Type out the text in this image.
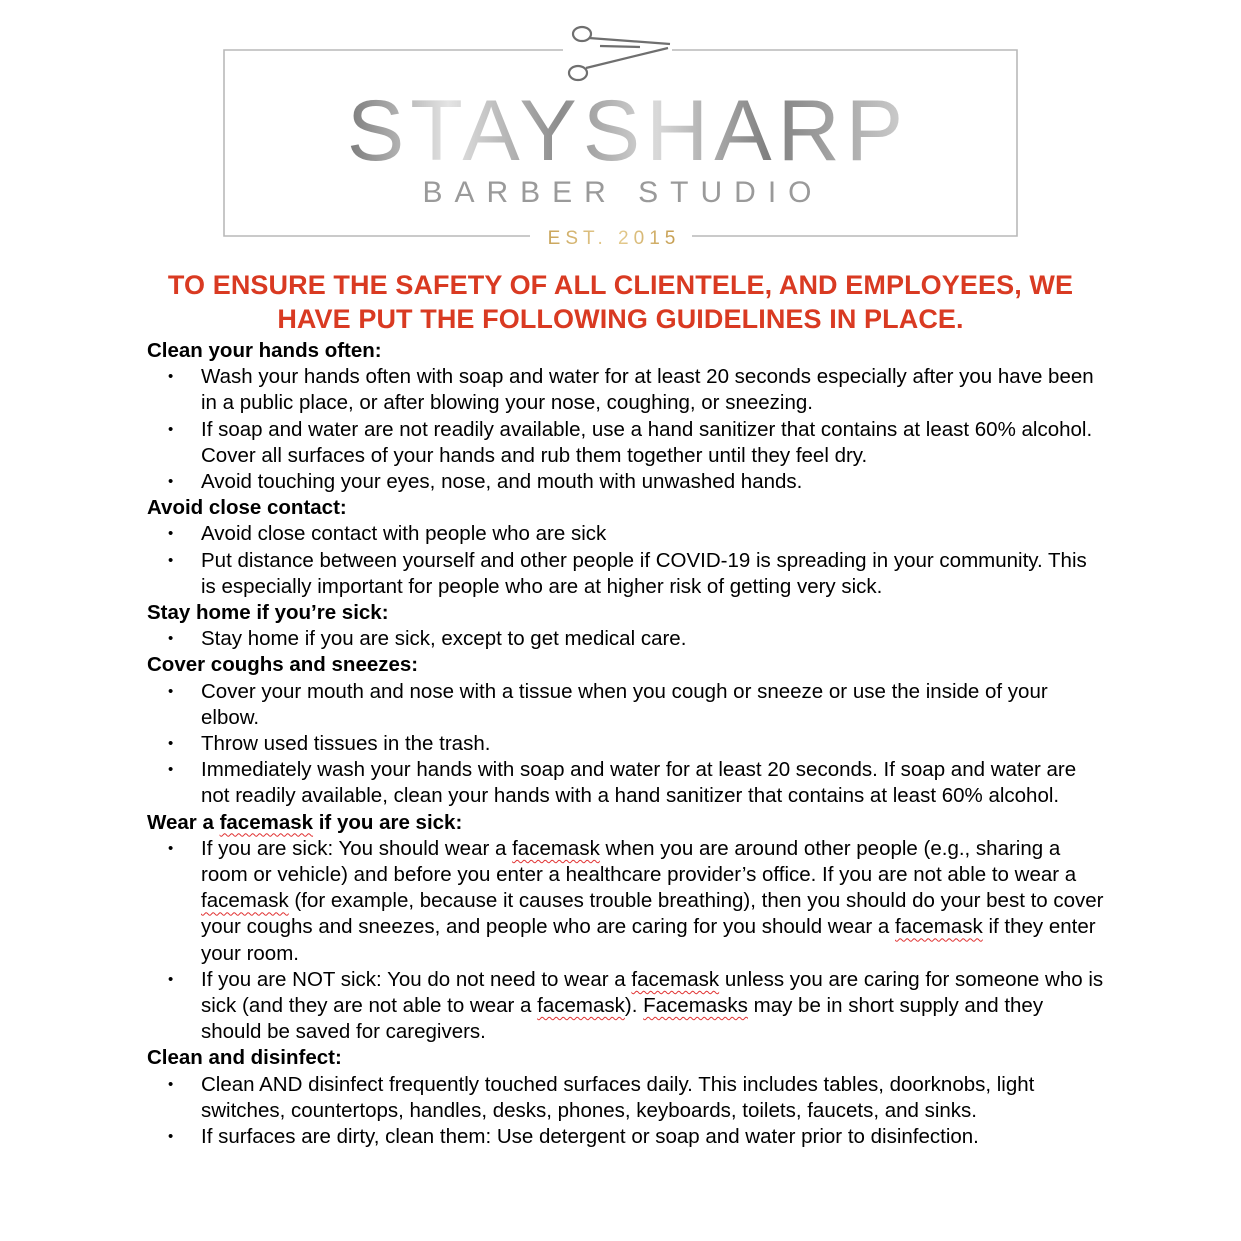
STAYSHARP
BARBER STUDIO
EST. 2015
TO ENSURE THE SAFETY OF ALL CLIENTELE, AND EMPLOYEES, WE
HAVE PUT THE FOLLOWING GUIDELINES IN PLACE.
Clean your hands often:
• Wash your hands often with soap and water for at least 20 seconds especially after you have been in a public place, or after blowing your nose, coughing, or sneezing.
• If soap and water are not readily available, use a hand sanitizer that contains at least 60% alcohol. Cover all surfaces of your hands and rub them together until they feel dry.
• Avoid touching your eyes, nose, and mouth with unwashed hands.
Avoid close contact:
• Avoid close contact with people who are sick
• Put distance between yourself and other people if COVID-19 is spreading in your community. This is especially important for people who are at higher risk of getting very sick.
Stay home if you’re sick:
• Stay home if you are sick, except to get medical care.
Cover coughs and sneezes:
• Cover your mouth and nose with a tissue when you cough or sneeze or use the inside of your elbow.
• Throw used tissues in the trash.
• Immediately wash your hands with soap and water for at least 20 seconds. If soap and water are not readily available, clean your hands with a hand sanitizer that contains at least 60% alcohol.
Wear a facemask if you are sick:
• If you are sick: You should wear a facemask when you are around other people (e.g., sharing a room or vehicle) and before you enter a healthcare provider’s office. If you are not able to wear a facemask (for example, because it causes trouble breathing), then you should do your best to cover your coughs and sneezes, and people who are caring for you should wear a facemask if they enter your room.
• If you are NOT sick: You do not need to wear a facemask unless you are caring for someone who is sick (and they are not able to wear a facemask). Facemasks may be in short supply and they should be saved for caregivers.
Clean and disinfect:
• Clean AND disinfect frequently touched surfaces daily. This includes tables, doorknobs, light switches, countertops, handles, desks, phones, keyboards, toilets, faucets, and sinks.
• If surfaces are dirty, clean them: Use detergent or soap and water prior to disinfection.
